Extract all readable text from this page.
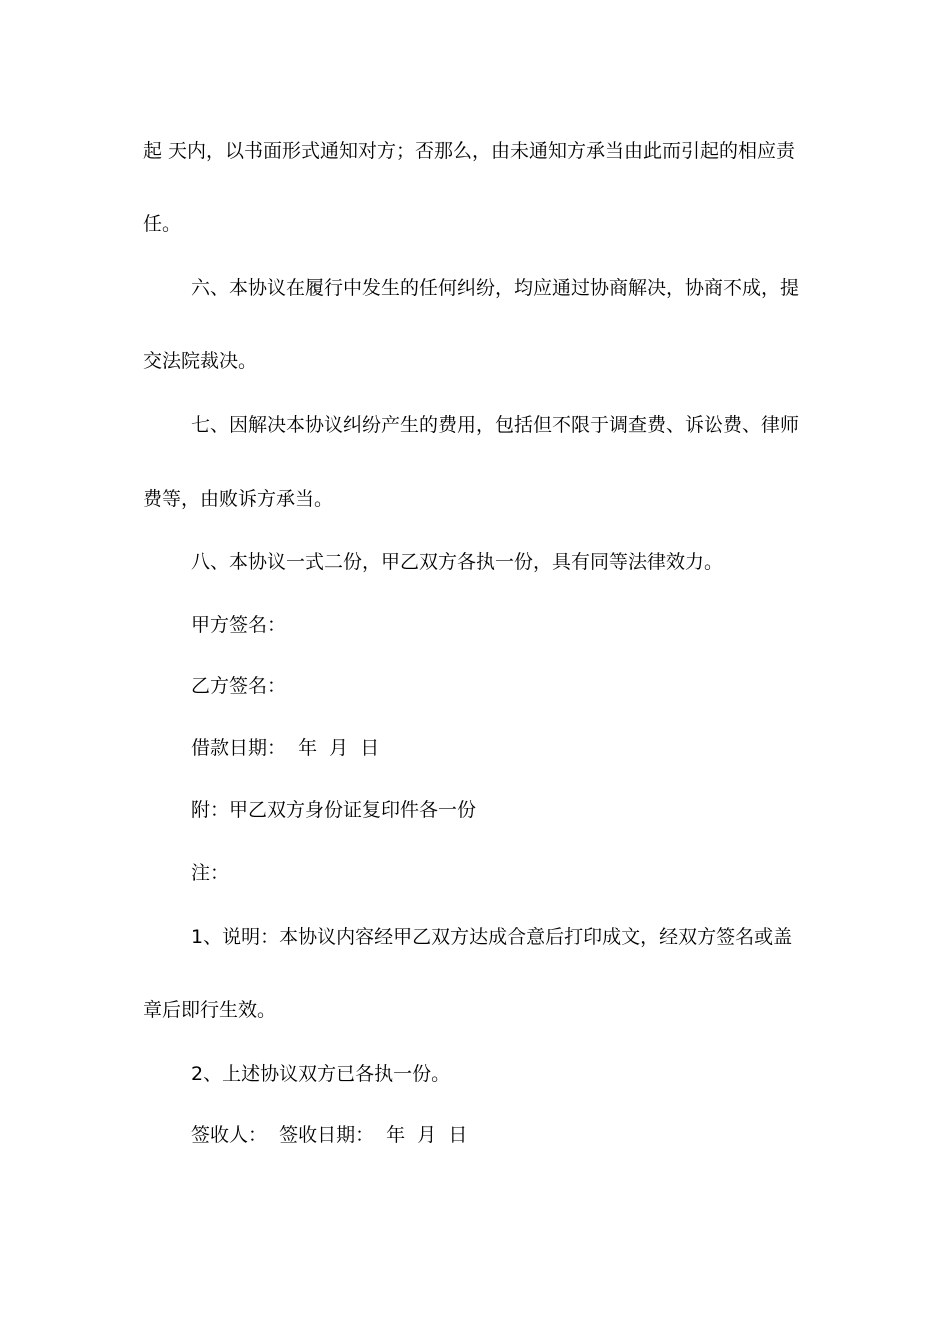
起 天内，以书面形式通知对方；否那么，由未通知方承当由此而引起的相应责
任。
六、本协议在履行中发生的任何纠纷，均应通过协商解决，协商不成，提
交法院裁决。
七、因解决本协议纠纷产生的费用，包括但不限于调查费、诉讼费、律师
费等，由败诉方承当。
八、本协议一式二份，甲乙双方各执一份，具有同等法律效力。
甲方签名：
乙方签名：
借款日期：  年  月  日
附：甲乙双方身份证复印件各一份
注：
1、说明：本协议内容经甲乙双方达成合意后打印成文，经双方签名或盖
章后即行生效。
2、上述协议双方已各执一份。
签收人：  签收日期：  年  月  日
